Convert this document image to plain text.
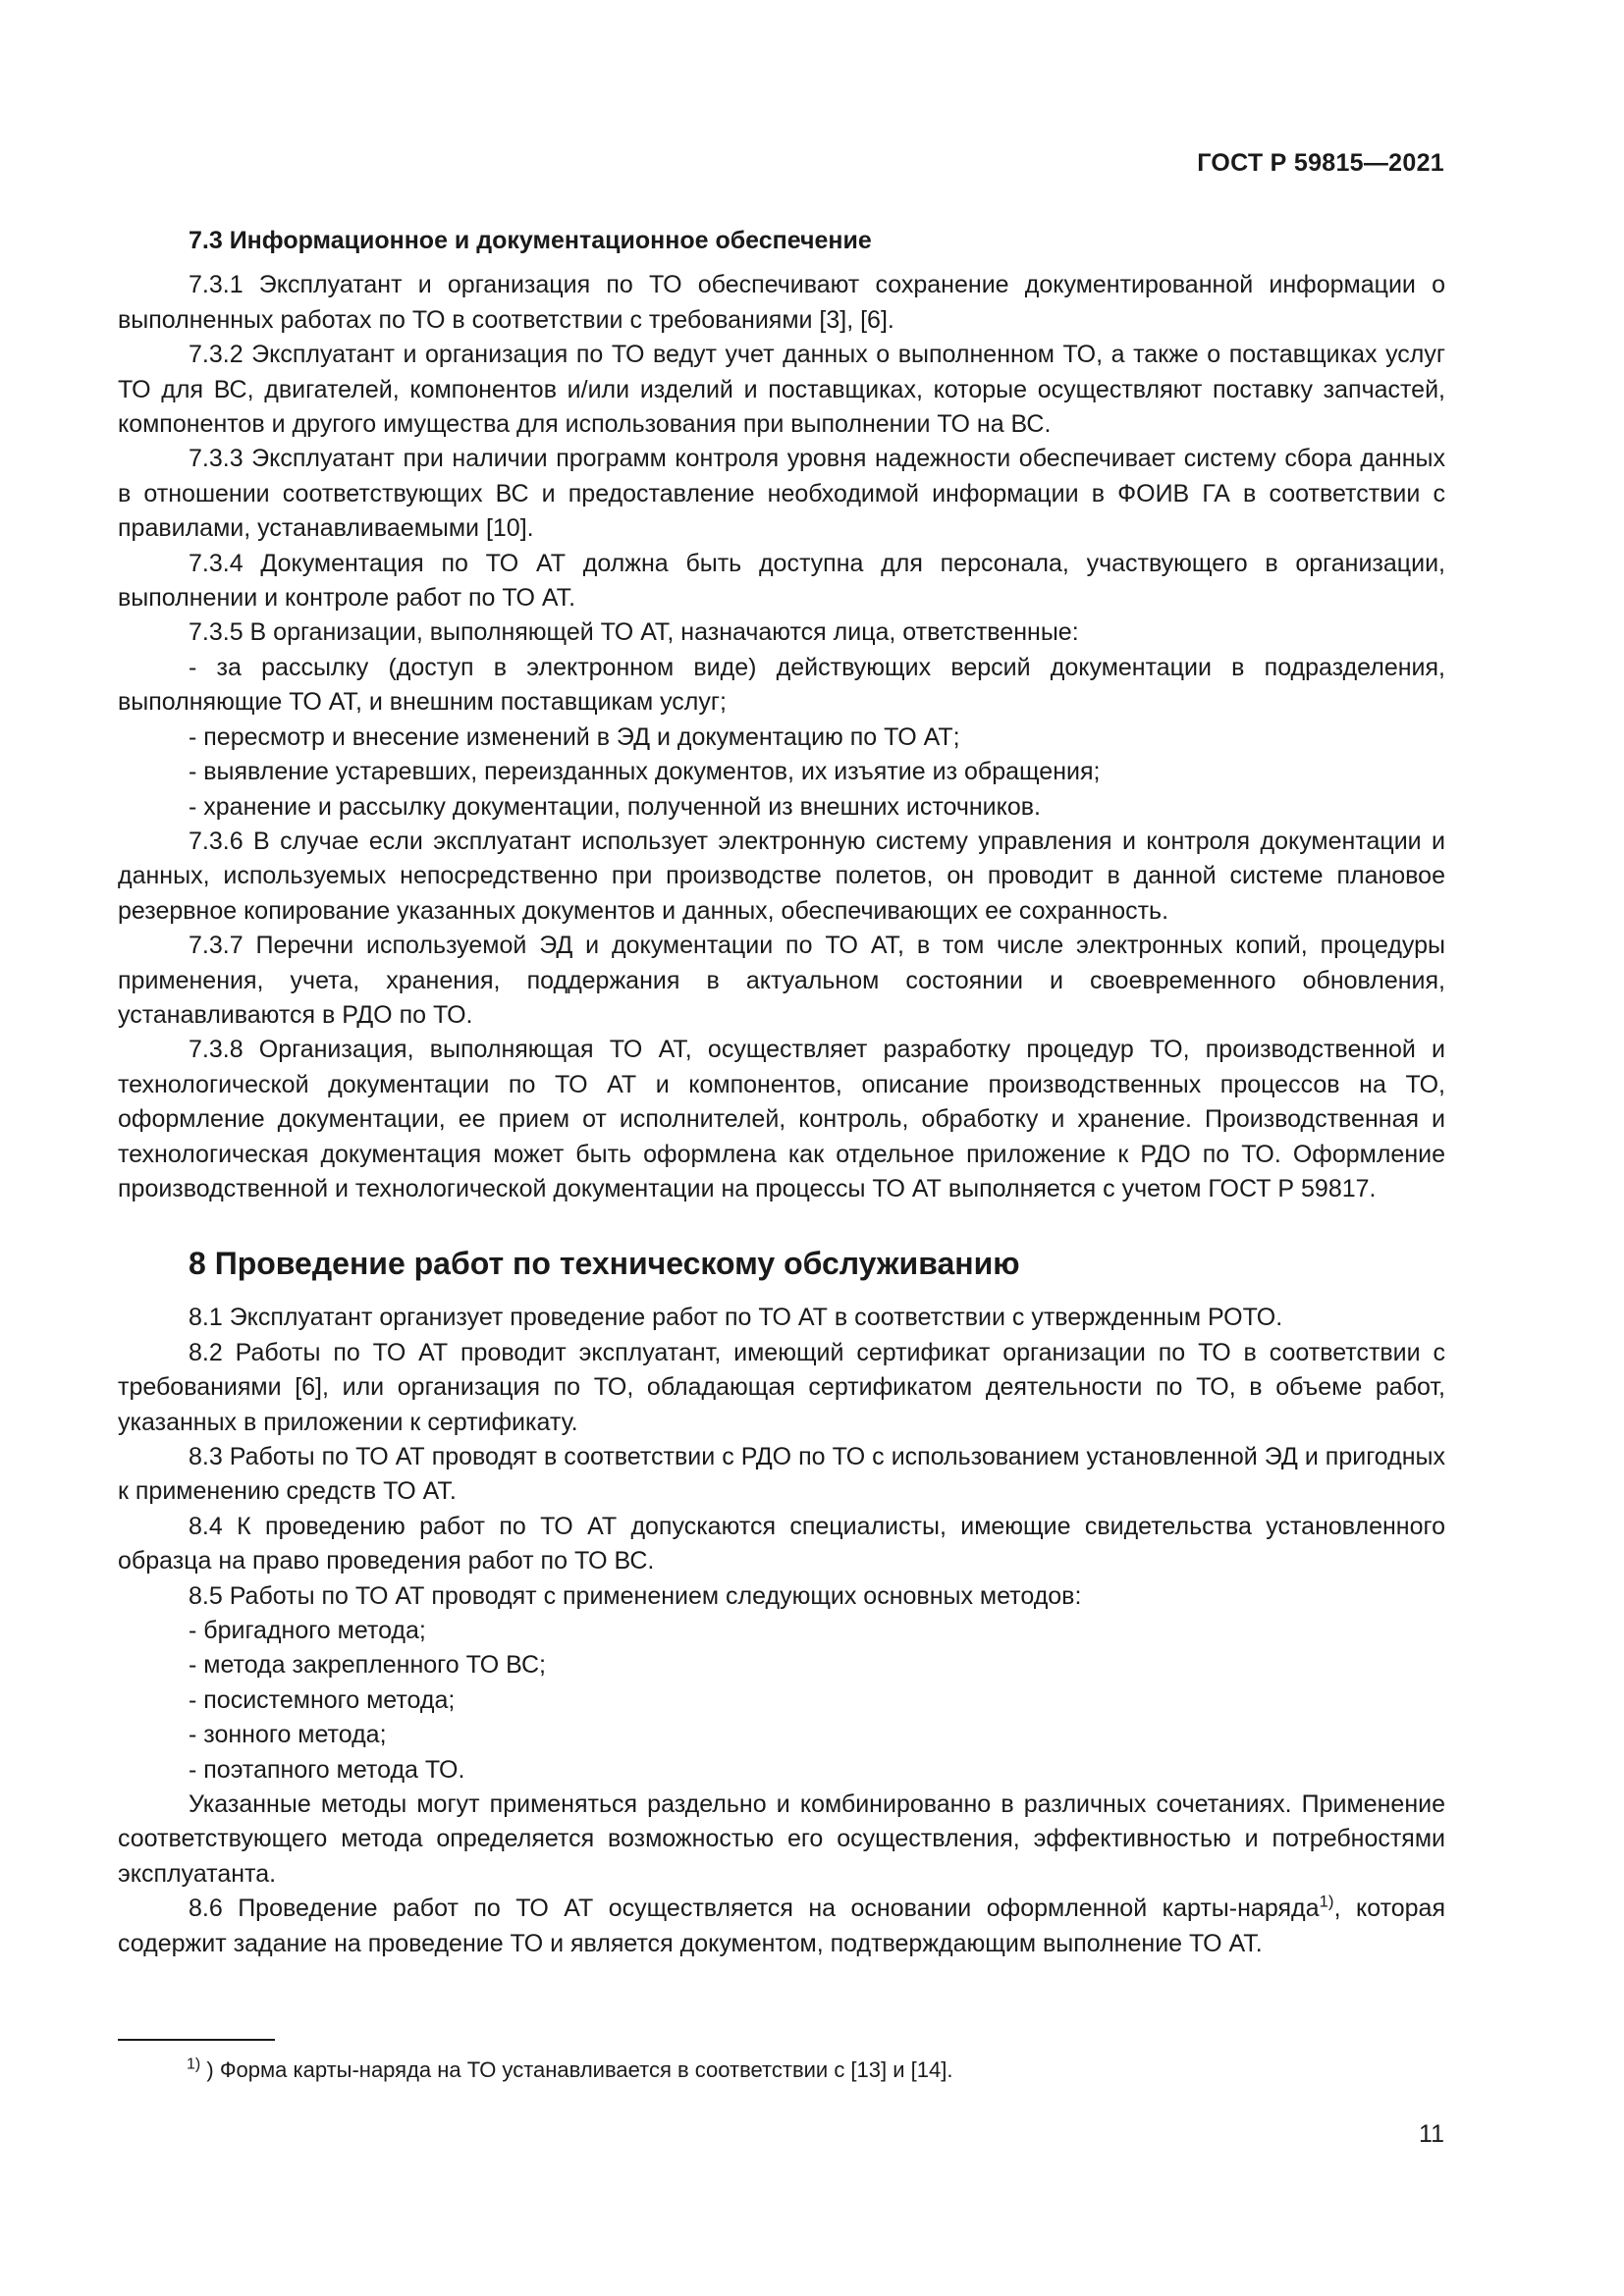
ГОСТ Р 59815—2021

7.3 Информационное и документационное обеспечение

7.3.1 Эксплуатант и организация по ТО обеспечивают сохранение документированной информации о выполненных работах по ТО в соответствии с требованиями [3], [6].

7.3.2 Эксплуатант и организация по ТО ведут учет данных о выполненном ТО, а также о поставщиках услуг ТО для ВС, двигателей, компонентов и/или изделий и поставщиках, которые осуществляют поставку запчастей, компонентов и другого имущества для использования при выполнении ТО на ВС.

7.3.3 Эксплуатант при наличии программ контроля уровня надежности обеспечивает систему сбора данных в отношении соответствующих ВС и предоставление необходимой информации в ФОИВ ГА в соответствии с правилами, устанавливаемыми [10].

7.3.4 Документация по ТО АТ должна быть доступна для персонала, участвующего в организации, выполнении и контроле работ по ТО АТ.

7.3.5 В организации, выполняющей ТО АТ, назначаются лица, ответственные:

- за рассылку (доступ в электронном виде) действующих версий документации в подразделения, выполняющие ТО АТ, и внешним поставщикам услуг;

- пересмотр и внесение изменений в ЭД и документацию по ТО АТ;

- выявление устаревших, переизданных документов, их изъятие из обращения;

- хранение и рассылку документации, полученной из внешних источников.

7.3.6 В случае если эксплуатант использует электронную систему управления и контроля документации и данных, используемых непосредственно при производстве полетов, он проводит в данной системе плановое резервное копирование указанных документов и данных, обеспечивающих ее сохранность.

7.3.7 Перечни используемой ЭД и документации по ТО АТ, в том числе электронных копий, процедуры применения, учета, хранения, поддержания в актуальном состоянии и своевременного обновления, устанавливаются в РДО по ТО.

7.3.8 Организация, выполняющая ТО АТ, осуществляет разработку процедур ТО, производственной и технологической документации по ТО АТ и компонентов, описание производственных процессов на ТО, оформление документации, ее прием от исполнителей, контроль, обработку и хранение. Производственная и технологическая документация может быть оформлена как отдельное приложение к РДО по ТО. Оформление производственной и технологической документации на процессы ТО АТ выполняется с учетом ГОСТ Р 59817.

8 Проведение работ по техническому обслуживанию

8.1 Эксплуатант организует проведение работ по ТО АТ в соответствии с утвержденным РОТО.

8.2 Работы по ТО АТ проводит эксплуатант, имеющий сертификат организации по ТО в соответствии с требованиями [6], или организация по ТО, обладающая сертификатом деятельности по ТО, в объеме работ, указанных в приложении к сертификату.

8.3 Работы по ТО АТ проводят в соответствии с РДО по ТО с использованием установленной ЭД и пригодных к применению средств ТО АТ.

8.4 К проведению работ по ТО АТ допускаются специалисты, имеющие свидетельства установленного образца на право проведения работ по ТО ВС.

8.5 Работы по ТО АТ проводят с применением следующих основных методов:

- бригадного метода;

- метода закрепленного ТО ВС;

- посистемного метода;

- зонного метода;

- поэтапного метода ТО.

Указанные методы могут применяться раздельно и комбинированно в различных сочетаниях. Применение соответствующего метода определяется возможностью его осуществления, эффективностью и потребностями эксплуатанта.

8.6 Проведение работ по ТО АТ осуществляется на основании оформленной карты-наряда$^{1)}$, которая содержит задание на проведение ТО и является документом, подтверждающим выполнение ТО АТ.

$^{1)}$ ) Форма карты-наряда на ТО устанавливается в соответствии с [13] и [14].
11
